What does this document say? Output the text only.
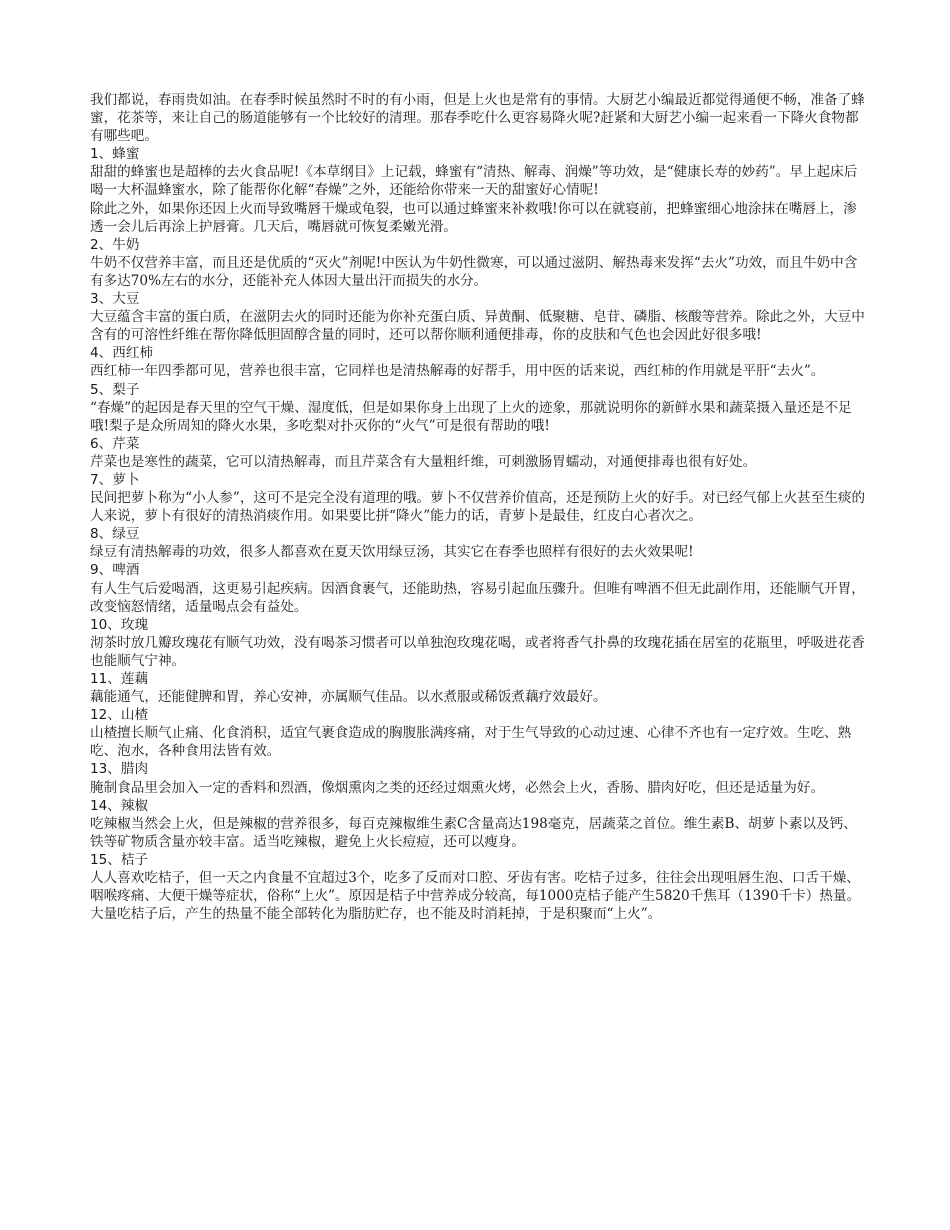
我们都说，春雨贵如油。在春季时候虽然时不时的有小雨，但是上火也是常有的事情。大厨艺小编最近都觉得通便不畅，准备了蜂蜜，花茶等，来让自己的肠道能够有一个比较好的清理。那春季吃什么更容易降火呢?赶紧和大厨艺小编一起来看一下降火食物都有哪些吧。

1、蜂蜜

甜甜的蜂蜜也是超棒的去火食品呢!《本草纲目》上记载，蜂蜜有“清热、解毒、润燥”等功效，是“健康长寿的妙药”。早上起床后喝一大杯温蜂蜜水，除了能帮你化解“春燥”之外，还能给你带来一天的甜蜜好心情呢!

除此之外，如果你还因上火而导致嘴唇干燥或龟裂，也可以通过蜂蜜来补救哦!你可以在就寝前，把蜂蜜细心地涂抹在嘴唇上，渗透一会儿后再涂上护唇膏。几天后，嘴唇就可恢复柔嫩光滑。

2、牛奶

牛奶不仅营养丰富，而且还是优质的“灭火”剂呢!中医认为牛奶性微寒，可以通过滋阴、解热毒来发挥“去火”功效，而且牛奶中含有多达70%左右的水分，还能补充人体因大量出汗而损失的水分。

3、大豆

大豆蕴含丰富的蛋白质，在滋阴去火的同时还能为你补充蛋白质、异黄酮、低聚糖、皂苷、磷脂、核酸等营养。除此之外，大豆中含有的可溶性纤维在帮你降低胆固醇含量的同时，还可以帮你顺利通便排毒，你的皮肤和气色也会因此好很多哦!

4、西红柿

西红柿一年四季都可见，营养也很丰富，它同样也是清热解毒的好帮手，用中医的话来说，西红柿的作用就是平肝“去火”。

5、梨子

“春燥”的起因是春天里的空气干燥、湿度低，但是如果你身上出现了上火的迹象，那就说明你的新鲜水果和蔬菜摄入量还是不足哦!梨子是众所周知的降火水果，多吃梨对扑灭你的“火气”可是很有帮助的哦!

6、芹菜

芹菜也是寒性的蔬菜，它可以清热解毒，而且芹菜含有大量粗纤维，可刺激肠胃蠕动，对通便排毒也很有好处。

7、萝卜

民间把萝卜称为“小人参”，这可不是完全没有道理的哦。萝卜不仅营养价值高，还是预防上火的好手。对已经气郁上火甚至生痰的人来说，萝卜有很好的清热消痰作用。如果要比拼“降火”能力的话，青萝卜是最佳，红皮白心者次之。

8、绿豆

绿豆有清热解毒的功效，很多人都喜欢在夏天饮用绿豆汤，其实它在春季也照样有很好的去火效果呢!

9、啤酒

有人生气后爱喝酒，这更易引起疾病。因酒食裹气，还能助热，容易引起血压骤升。但唯有啤酒不但无此副作用，还能顺气开胃，改变恼怒情绪，适量喝点会有益处。

10、玫瑰

沏茶时放几瓣玫瑰花有顺气功效，没有喝茶习惯者可以单独泡玫瑰花喝，或者将香气扑鼻的玫瑰花插在居室的花瓶里，呼吸进花香也能顺气宁神。

11、莲藕

藕能通气，还能健脾和胃，养心安神，亦属顺气佳品。以水煮服或稀饭煮藕疗效最好。

12、山楂

山楂擅长顺气止痛、化食消积，适宜气裹食造成的胸腹胀满疼痛，对于生气导致的心动过速、心律不齐也有一定疗效。生吃、熟吃、泡水，各种食用法皆有效。

13、腊肉

腌制食品里会加入一定的香料和烈酒，像烟熏肉之类的还经过烟熏火烤，必然会上火，香肠、腊肉好吃，但还是适量为好。

14、辣椒

吃辣椒当然会上火，但是辣椒的营养很多，每百克辣椒维生素C含量高达198毫克，居蔬菜之首位。维生素B、胡萝卜素以及钙、铁等矿物质含量亦较丰富。适当吃辣椒，避免上火长痘痘，还可以瘦身。

15、桔子

人人喜欢吃桔子，但一天之内食量不宜超过3个，吃多了反而对口腔、牙齿有害。吃桔子过多，往往会出现咀唇生泡、口舌干燥、咽喉疼痛、大便干燥等症状，俗称“上火”。原因是桔子中营养成分较高，每1000克桔子能产生5820千焦耳（1390千卡）热量。大量吃桔子后，产生的热量不能全部转化为脂肪贮存，也不能及时消耗掉，于是积聚而“上火”。
